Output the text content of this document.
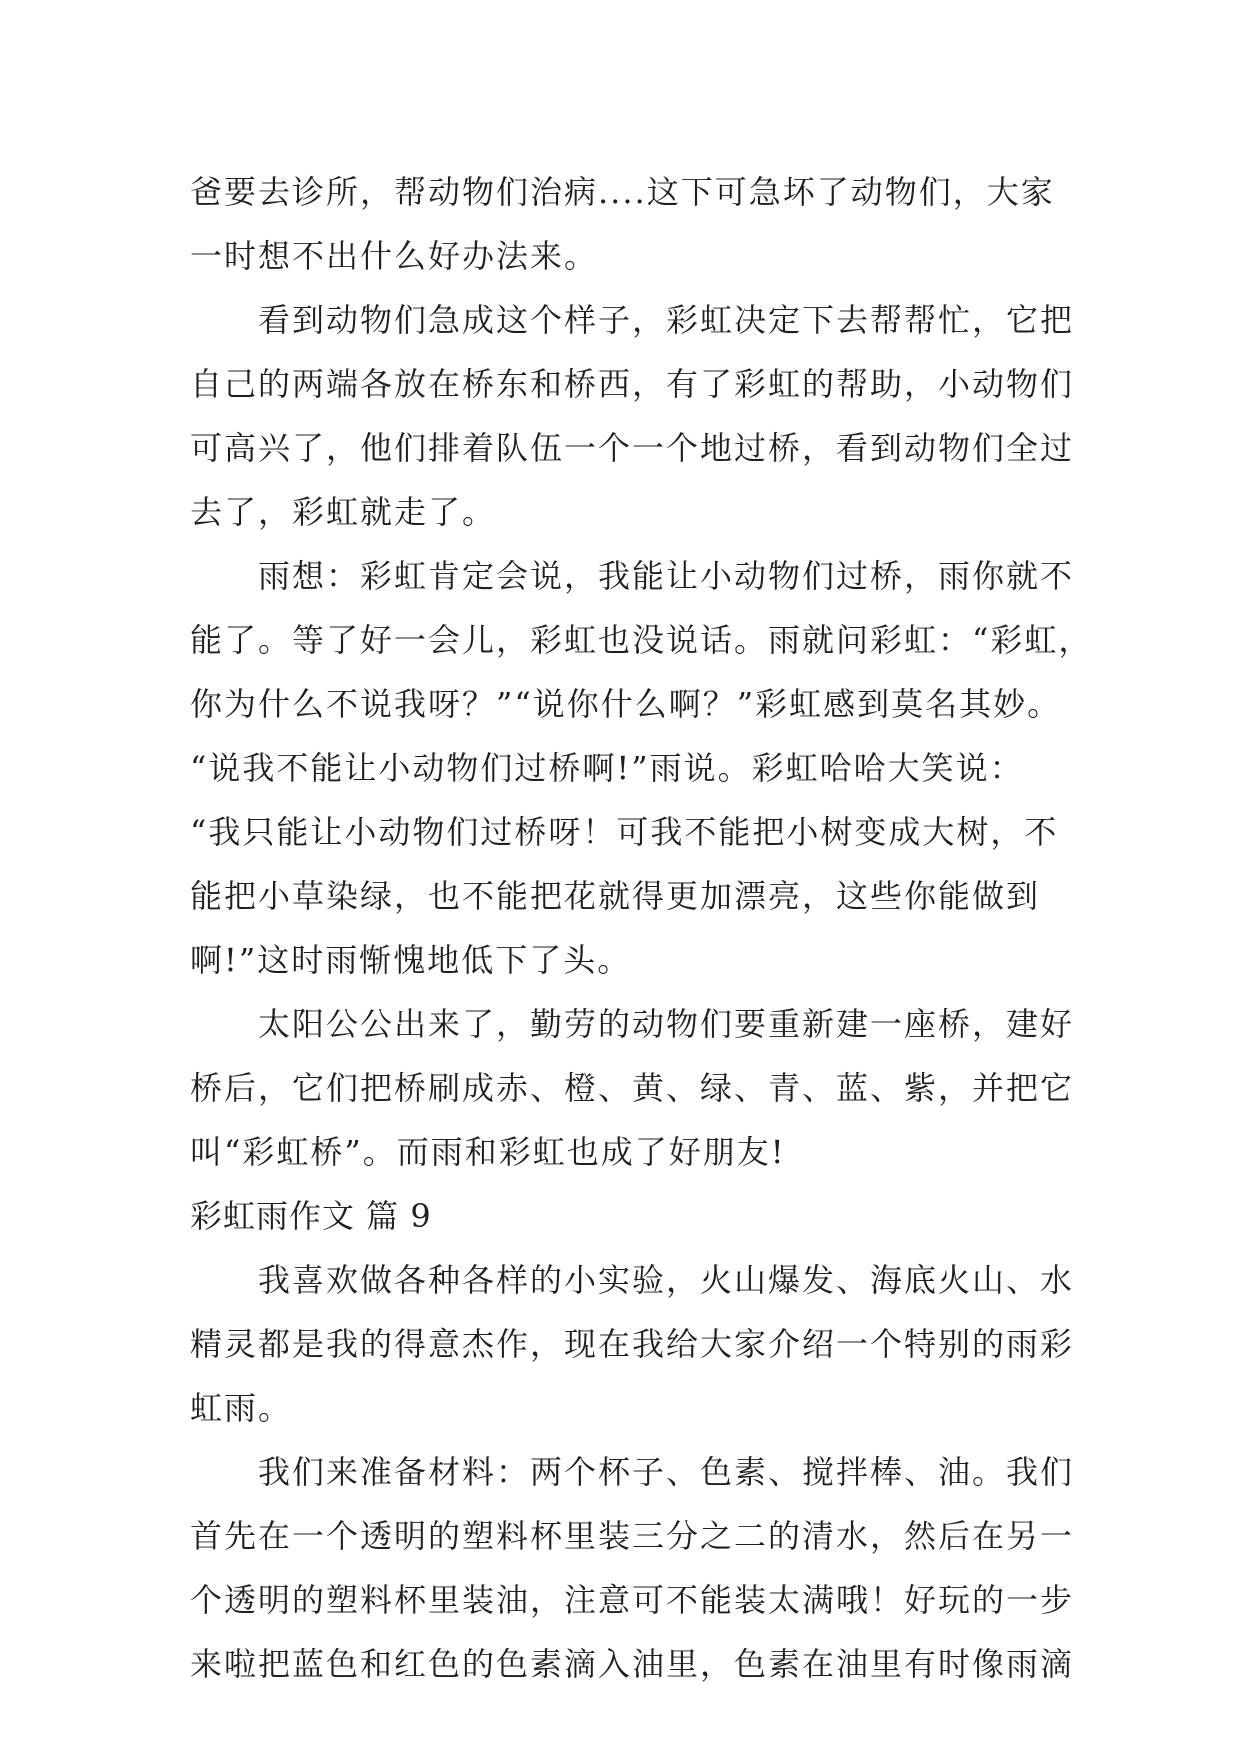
爸要去诊所，帮动物们治病....这下可急坏了动物们，大家
一时想不出什么好办法来。
看到动物们急成这个样子，彩虹决定下去帮帮忙，它把
自己的两端各放在桥东和桥西，有了彩虹的帮助，小动物们
可高兴了，他们排着队伍一个一个地过桥，看到动物们全过
去了，彩虹就走了。
雨想：彩虹肯定会说，我能让小动物们过桥，雨你就不
能了。等了好一会儿，彩虹也没说话。雨就问彩虹：“彩虹，
你为什么不说我呀？”“说你什么啊？”彩虹感到莫名其妙。
“说我不能让小动物们过桥啊!”雨说。彩虹哈哈大笑说：
“我只能让小动物们过桥呀！可我不能把小树变成大树，不
能把小草染绿，也不能把花就得更加漂亮，这些你能做到
啊!”这时雨惭愧地低下了头。
太阳公公出来了，勤劳的动物们要重新建一座桥，建好
桥后，它们把桥刷成赤、橙、黄、绿、青、蓝、紫，并把它
叫“彩虹桥”。而雨和彩虹也成了好朋友!
彩虹雨作文 篇 9
我喜欢做各种各样的小实验，火山爆发、海底火山、水
精灵都是我的得意杰作，现在我给大家介绍一个特别的雨彩
虹雨。
我们来准备材料：两个杯子、色素、搅拌棒、油。我们
首先在一个透明的塑料杯里装三分之二的清水，然后在另一
个透明的塑料杯里装油，注意可不能装太满哦！好玩的一步
来啦把蓝色和红色的色素滴入油里，色素在油里有时像雨滴
